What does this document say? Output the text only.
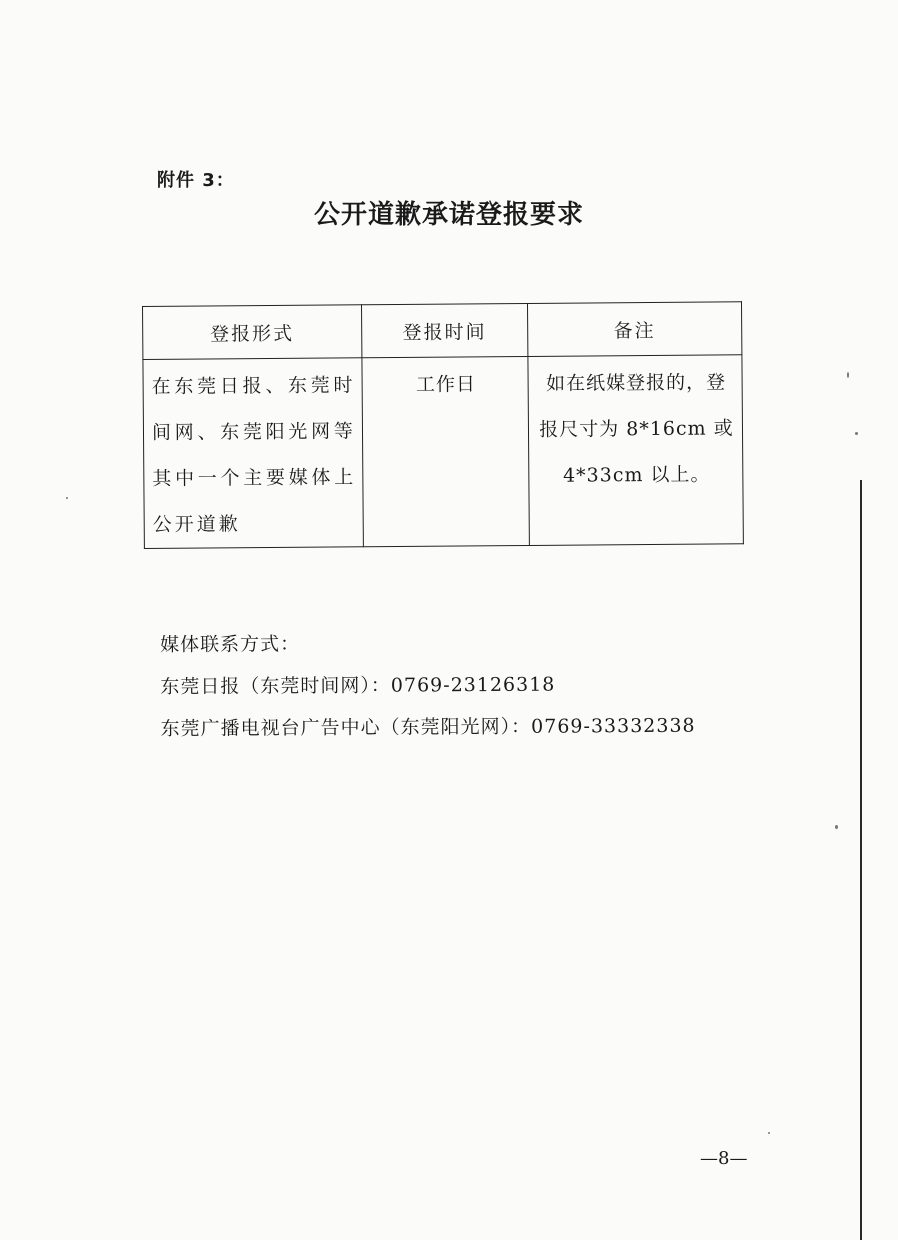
附件 3：
公开道歉承诺登报要求
登报形式	登报时间	备注
在东莞日报、东莞时间网、东莞阳光网等其中一个主要媒体上公开道歉	工作日	如在纸媒登报的，登报尺寸为 8*16cm 或 4*33cm 以上。
媒体联系方式：
东莞日报（东莞时间网）：0769-23126318
东莞广播电视台广告中心（东莞阳光网）：0769-33332338
—8—
